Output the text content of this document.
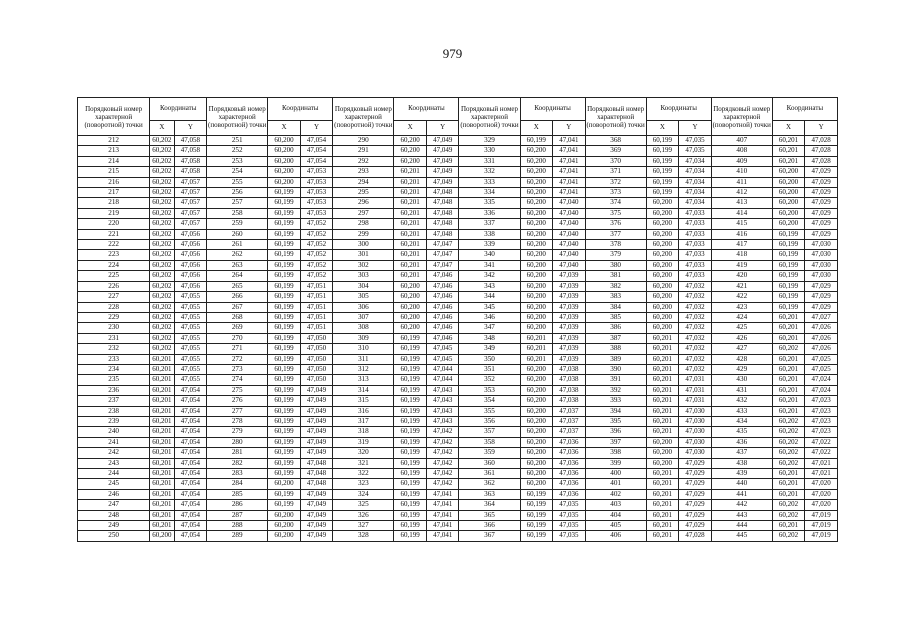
979
Порядковый номер характерной (поворотной) точки	Координаты		Порядковый номер характерной (поворотной) точки	Координаты		Порядковый номер характерной (поворотной) точки	Координаты		Порядковый номер характерной (поворотной) точки	Координаты		Порядковый номер характерной (поворотной) точки	Координаты		Порядковый номер характерной (поворотной) точки	Координаты	
	X	Y		X	Y		X	Y		X	Y		X	Y		X	Y
212	60,202	47,058	251	60,200	47,054	290	60,200	47,049	329	60,199	47,041	368	60,199	47,035	407	60,201	47,028
213	60,202	47,058	252	60,200	47,054	291	60,200	47,049	330	60,200	47,041	369	60,199	47,035	408	60,201	47,028
214	60,202	47,058	253	60,200	47,054	292	60,200	47,049	331	60,200	47,041	370	60,199	47,034	409	60,201	47,028
215	60,202	47,058	254	60,200	47,053	293	60,201	47,049	332	60,200	47,041	371	60,199	47,034	410	60,200	47,029
216	60,202	47,057	255	60,200	47,053	294	60,201	47,049	333	60,200	47,041	372	60,199	47,034	411	60,200	47,029
217	60,202	47,057	256	60,199	47,053	295	60,201	47,048	334	60,200	47,041	373	60,199	47,034	412	60,200	47,029
218	60,202	47,057	257	60,199	47,053	296	60,201	47,048	335	60,200	47,040	374	60,200	47,034	413	60,200	47,029
219	60,202	47,057	258	60,199	47,053	297	60,201	47,048	336	60,200	47,040	375	60,200	47,033	414	60,200	47,029
220	60,202	47,057	259	60,199	47,052	298	60,201	47,048	337	60,200	47,040	376	60,200	47,033	415	60,200	47,029
221	60,202	47,056	260	60,199	47,052	299	60,201	47,048	338	60,200	47,040	377	60,200	47,033	416	60,199	47,029
222	60,202	47,056	261	60,199	47,052	300	60,201	47,047	339	60,200	47,040	378	60,200	47,033	417	60,199	47,030
223	60,202	47,056	262	60,199	47,052	301	60,201	47,047	340	60,200	47,040	379	60,200	47,033	418	60,199	47,030
224	60,202	47,056	263	60,199	47,052	302	60,201	47,047	341	60,200	47,040	380	60,200	47,033	419	60,199	47,030
225	60,202	47,056	264	60,199	47,052	303	60,201	47,046	342	60,200	47,039	381	60,200	47,033	420	60,199	47,030
226	60,202	47,056	265	60,199	47,051	304	60,200	47,046	343	60,200	47,039	382	60,200	47,032	421	60,199	47,029
227	60,202	47,055	266	60,199	47,051	305	60,200	47,046	344	60,200	47,039	383	60,200	47,032	422	60,199	47,029
228	60,202	47,055	267	60,199	47,051	306	60,200	47,046	345	60,200	47,039	384	60,200	47,032	423	60,199	47,029
229	60,202	47,055	268	60,199	47,051	307	60,200	47,046	346	60,200	47,039	385	60,200	47,032	424	60,201	47,027
230	60,202	47,055	269	60,199	47,051	308	60,200	47,046	347	60,200	47,039	386	60,200	47,032	425	60,201	47,026
231	60,202	47,055	270	60,199	47,050	309	60,199	47,046	348	60,201	47,039	387	60,201	47,032	426	60,201	47,026
232	60,202	47,055	271	60,199	47,050	310	60,199	47,045	349	60,201	47,039	388	60,201	47,032	427	60,202	47,026
233	60,201	47,055	272	60,199	47,050	311	60,199	47,045	350	60,201	47,039	389	60,201	47,032	428	60,201	47,025
234	60,201	47,055	273	60,199	47,050	312	60,199	47,044	351	60,200	47,038	390	60,201	47,032	429	60,201	47,025
235	60,201	47,055	274	60,199	47,050	313	60,199	47,044	352	60,200	47,038	391	60,201	47,031	430	60,201	47,024
236	60,201	47,054	275	60,199	47,049	314	60,199	47,043	353	60,200	47,038	392	60,201	47,031	431	60,201	47,024
237	60,201	47,054	276	60,199	47,049	315	60,199	47,043	354	60,200	47,038	393	60,201	47,031	432	60,201	47,023
238	60,201	47,054	277	60,199	47,049	316	60,199	47,043	355	60,200	47,037	394	60,201	47,030	433	60,201	47,023
239	60,201	47,054	278	60,199	47,049	317	60,199	47,043	356	60,200	47,037	395	60,201	47,030	434	60,202	47,023
240	60,201	47,054	279	60,199	47,049	318	60,199	47,042	357	60,200	47,037	396	60,201	47,030	435	60,202	47,023
241	60,201	47,054	280	60,199	47,049	319	60,199	47,042	358	60,200	47,036	397	60,200	47,030	436	60,202	47,022
242	60,201	47,054	281	60,199	47,049	320	60,199	47,042	359	60,200	47,036	398	60,200	47,030	437	60,202	47,022
243	60,201	47,054	282	60,199	47,048	321	60,199	47,042	360	60,200	47,036	399	60,200	47,029	438	60,202	47,021
244	60,201	47,054	283	60,199	47,048	322	60,199	47,042	361	60,200	47,036	400	60,201	47,029	439	60,201	47,021
245	60,201	47,054	284	60,200	47,048	323	60,199	47,042	362	60,200	47,036	401	60,201	47,029	440	60,201	47,020
246	60,201	47,054	285	60,199	47,049	324	60,199	47,041	363	60,199	47,036	402	60,201	47,029	441	60,201	47,020
247	60,201	47,054	286	60,199	47,049	325	60,199	47,041	364	60,199	47,035	403	60,201	47,029	442	60,202	47,020
248	60,201	47,054	287	60,200	47,049	326	60,199	47,041	365	60,199	47,035	404	60,201	47,029	443	60,202	47,019
249	60,201	47,054	288	60,200	47,049	327	60,199	47,041	366	60,199	47,035	405	60,201	47,029	444	60,201	47,019
250	60,200	47,054	289	60,200	47,049	328	60,199	47,041	367	60,199	47,035	406	60,201	47,028	445	60,202	47,019
